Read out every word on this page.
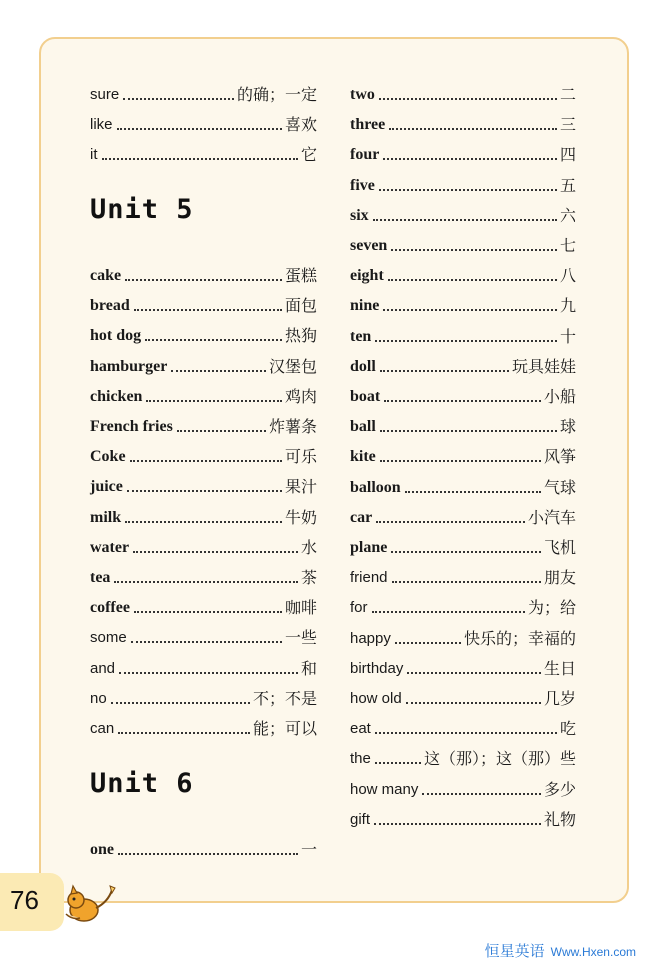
sure	的确；一定
like	喜欢
it	它
Unit 5
cake	蛋糕
bread	面包
hot dog	热狗
hamburger	汉堡包
chicken	鸡肉
French fries	炸薯条
Coke	可乐
juice	果汁
milk	牛奶
water	水
tea	茶
coffee	咖啡
some	一些
and	和
no	不；不是
can	能；可以
Unit 6
one	一
two	二
three	三
four	四
five	五
six	六
seven	七
eight	八
nine	九
ten	十
doll	玩具娃娃
boat	小船
ball	球
kite	风筝
balloon	气球
car	小汽车
plane	飞机
friend	朋友
for	为；给
happy	快乐的；幸福的
birthday	生日
how old	几岁
eat	吃
the	这（那）；这（那）些
how many	多少
gift	礼物
76
恒星英语 Www.Hxen.com
